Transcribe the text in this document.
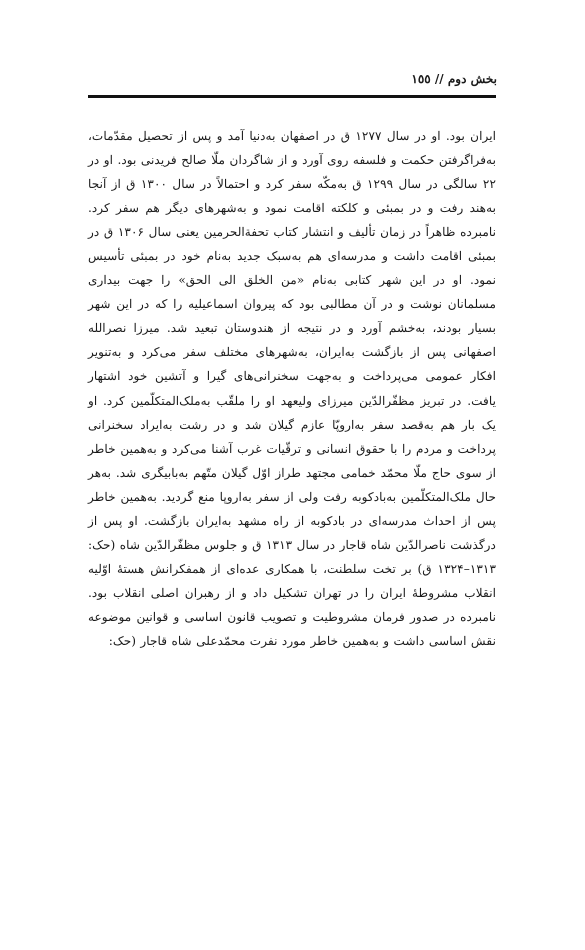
بخش دوم // ١٥٥

ایران بود. او در سال ۱۲۷۷ ق در اصفهان به‌دنیا آمد و پس از تحصیل مقدّمات، به‌فراگرفتن حکمت و فلسفه روی آورد و از شاگردان ملّا صالح فریدنی بود. او در ۲۲ سالگی در سال ۱۲۹۹ ق به‌مکّه سفر کرد و احتمالاً در سال ۱۳۰۰ ق از آنجا به‌هند رفت و در بمبئی و کلکته اقامت نمود و به‌شهرهای دیگر هم سفر کرد. نامبرده ظاهراً در زمان تألیف و انتشار کتاب تحفةالحرمین یعنی سال ۱۳۰۶ ق در بمبئی اقامت داشت و مدرسه‌ای هم به‌سبک جدید به‌نام خود در بمبئی تأسیس نمود. او در این شهر کتابی به‌نام «من الخلق الی الحق» را جهت بیداری مسلمانان نوشت و در آن مطالبی بود که پیروان اسماعیلیه را که در این شهر بسیار بودند، به‌خشم آورد و در نتیجه از هندوستان تبعید شد. میرزا نصرالله اصفهانی پس از بازگشت به‌ایران، به‌شهرهای مختلف سفر می‌کرد و به‌تنویر افکار عمومی می‌پرداخت و به‌جهت سخنرانی‌های گیرا و آتشین خود اشتهار یافت. در تبریز مظفّرالدّین میرزای ولیعهد او را ملقّب به‌ملک‌المتکلّمین کرد. او یک بار هم به‌قصد سفر به‌اروپّا عازم گیلان شد و در رشت به‌ایراد سخنرانی پرداخت و مردم را با حقوق انسانی و ترقّیات غرب آشنا می‌کرد و به‌همین خاطر از سوی حاج ملّا محمّد خمامی مجتهد طراز اوّل گیلان متّهم به‌بابیگری شد. به‌هر حال ملک‌المتکلّمین به‌بادکوبه رفت ولی از سفر به‌اروپا منع گردید. به‌همین خاطر پس از احداث مدرسه‌ای در بادکوبه از راه مشهد به‌ایران بازگشت. او پس از درگذشت ناصرالدّین شاه قاجار در سال ۱۳۱۳ ق و جلوس مظفّرالدّین شاه (حک: ۱۳۱۳–۱۳۲۴ ق) بر تخت سلطنت، با همکاری عده‌ای از همفکرانش هستهٔ اوّلیه انقلاب مشروطهٔ ایران را در تهران تشکیل داد و از رهبران اصلی انقلاب بود. نامبرده در صدور فرمان مشروطیت و تصویب قانون اساسی و قوانین موضوعه نقش اساسی داشت و به‌همین خاطر مورد نفرت محمّدعلی شاه قاجار (حک:
